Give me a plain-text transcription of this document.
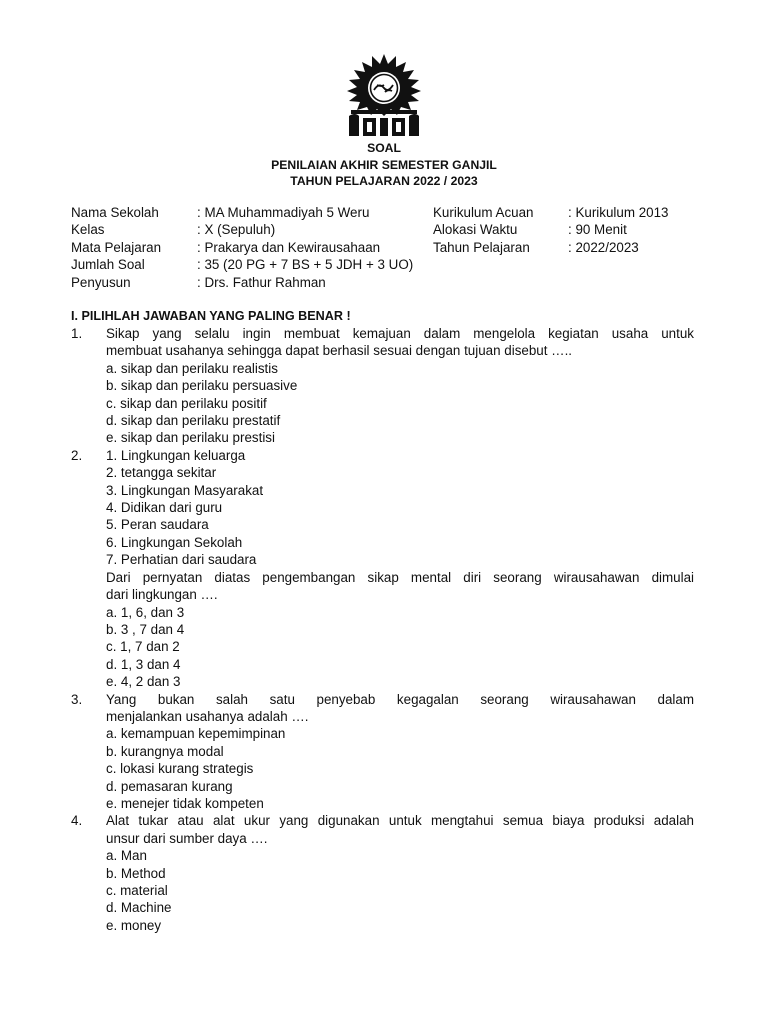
SOAL
PENILAIAN AKHIR SEMESTER GANJIL
TAHUN PELAJARAN 2022 / 2023
Nama Sekolah	: MA Muhammadiyah 5 Weru	Kurikulum Acuan	: Kurikulum 2013
Kelas	: X (Sepuluh)	Alokasi Waktu	: 90 Menit
Mata Pelajaran	: Prakarya dan Kewirausahaan	Tahun Pelajaran	: 2022/2023
Jumlah Soal	: 35 (20 PG + 7 BS + 5 JDH + 3 UO)
Penyusun	: Drs. Fathur Rahman
I. PILIHLAH JAWABAN YANG PALING BENAR !
1. Sikap yang selalu ingin membuat kemajuan dalam mengelola kegiatan usaha untuk
membuat usahanya sehingga dapat berhasil sesuai dengan tujuan disebut …..
a. sikap dan perilaku realistis
b. sikap dan perilaku persuasive
c. sikap dan perilaku positif
d. sikap dan perilaku prestatif
e. sikap dan perilaku prestisi
2. 1. Lingkungan keluarga
2. tetangga sekitar
3. Lingkungan Masyarakat
4. Didikan dari guru
5. Peran saudara
6. Lingkungan Sekolah
7. Perhatian dari saudara
Dari pernyatan diatas pengembangan sikap mental diri seorang wirausahawan dimulai
dari lingkungan ….
a. 1, 6, dan 3
b. 3 , 7 dan 4
c. 1, 7 dan 2
d. 1, 3 dan 4
e. 4, 2 dan 3
3. Yang bukan salah satu penyebab kegagalan seorang wirausahawan dalam
menjalankan usahanya adalah ….
a. kemampuan kepemimpinan
b. kurangnya modal
c. lokasi kurang strategis
d. pemasaran kurang
e. menejer tidak kompeten
4. Alat tukar atau alat ukur yang digunakan untuk mengtahui semua biaya produksi adalah
unsur dari sumber daya ….
a. Man
b. Method
c. material
d. Machine
e. money
